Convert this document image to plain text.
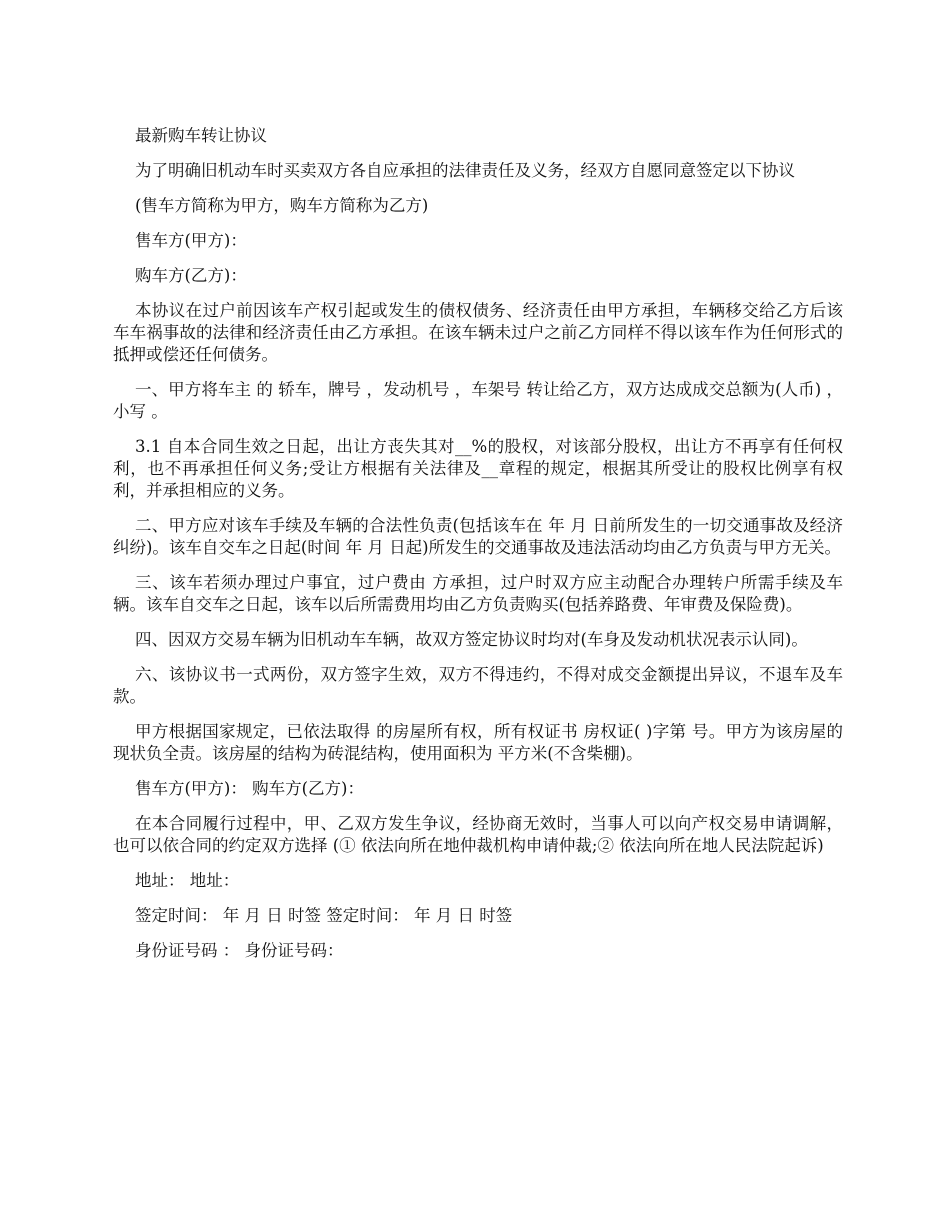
最新购车转让协议

为了明确旧机动车时买卖双方各自应承担的法律责任及义务，经双方自愿同意签定以下协议

(售车方简称为甲方，购车方简称为乙方)

售车方(甲方)：

购车方(乙方)：

本协议在过户前因该车产权引起或发生的债权债务、经济责任由甲方承担，车辆移交给乙方后该车车祸事故的法律和经济责任由乙方承担。在该车辆未过户之前乙方同样不得以该车作为任何形式的抵押或偿还任何债务。

一、甲方将车主 的 轿车，牌号 ，发动机号 ，车架号 转让给乙方，双方达成成交总额为(人币) ，小写 。

3.1 自本合同生效之日起，出让方丧失其对__%的股权，对该部分股权，出让方不再享有任何权利，也不再承担任何义务;受让方根据有关法律及__章程的规定，根据其所受让的股权比例享有权利，并承担相应的义务。

二、甲方应对该车手续及车辆的合法性负责(包括该车在 年 月 日前所发生的一切交通事故及经济纠纷)。该车自交车之日起(时间 年 月 日起)所发生的交通事故及违法活动均由乙方负责与甲方无关。

三、该车若须办理过户事宜，过户费由 方承担，过户时双方应主动配合办理转户所需手续及车辆。该车自交车之日起，该车以后所需费用均由乙方负责购买(包括养路费、年审费及保险费)。

四、因双方交易车辆为旧机动车车辆，故双方签定协议时均对(车身及发动机状况表示认同)。

六、该协议书一式两份，双方签字生效，双方不得违约，不得对成交金额提出异议，不退车及车款。

甲方根据国家规定，已依法取得 的房屋所有权，所有权证书 房权证( )字第 号。甲方为该房屋的现状负全责。该房屋的结构为砖混结构，使用面积为 平方米(不含柴棚)。

售车方(甲方)： 购车方(乙方)：

在本合同履行过程中，甲、乙双方发生争议，经协商无效时，当事人可以向产权交易申请调解，也可以依合同的约定双方选择 (① 依法向所在地仲裁机构申请仲裁;② 依法向所在地人民法院起诉)

地址： 地址：

签定时间： 年 月 日 时签 签定时间： 年 月 日 时签

身份证号码 ： 身份证号码：
